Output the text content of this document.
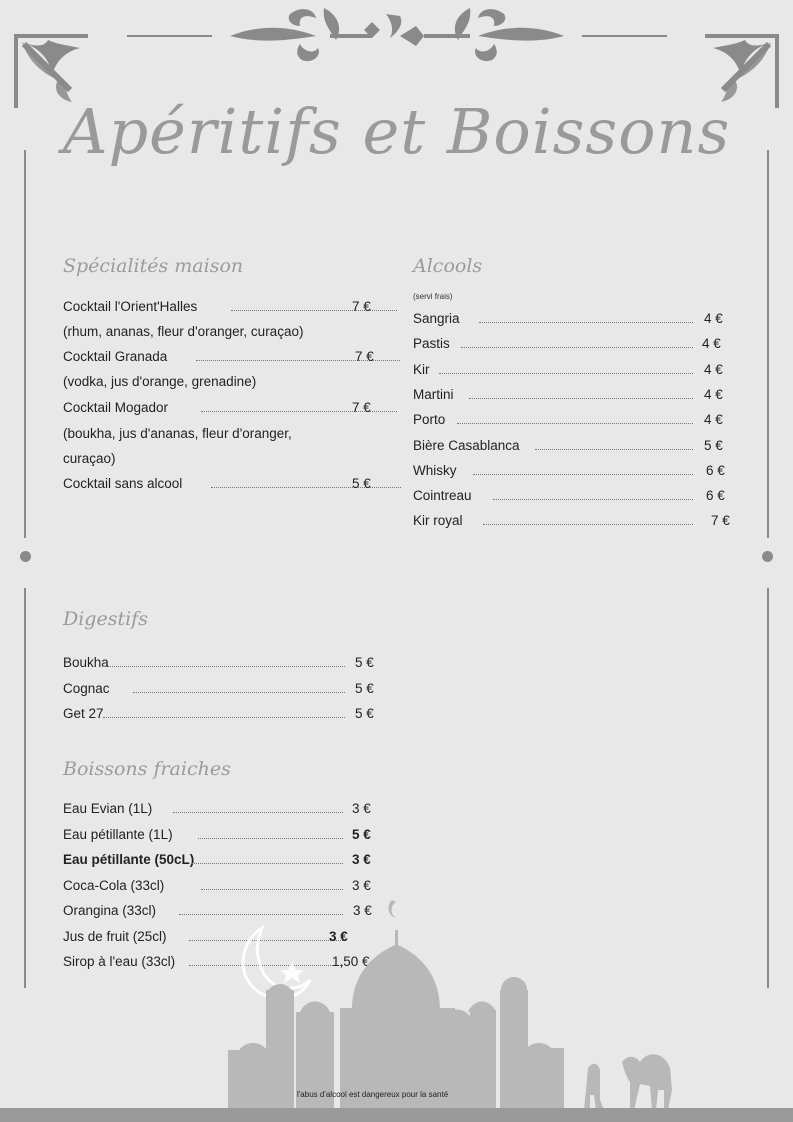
Apéritifs et Boissons
Spécialités maison
Cocktail l'Orient'Halles	7 €
(rhum, ananas, fleur d'oranger, curaçao)
Cocktail Granada	7 €
(vodka, jus d'orange, grenadine)
Cocktail Mogador	7 €
(boukha, jus d'ananas, fleur d'oranger,
curaçao)
Cocktail sans alcool	5 €
Alcools
(servi frais)
Sangria	4 €
Pastis	4 €
Kir	4 €
Martini	4 €
Porto	4 €
Bière Casablanca	5 €
Whisky	6 €
Cointreau	6 €
Kir royal	7 €
Digestifs
Boukha	5 €
Cognac	5 €
Get 27	5 €
Boissons fraiches
Eau Evian (1L)	3 €
Eau pétillante (1L)	5 €
Eau pétillante (50cL)	3 €
Coca-Cola (33cl)	3 €
Orangina (33cl)	3 €
Jus de fruit (25cl)	3 €
Sirop à l'eau (33cl)	1,50 €
l'abus d'alcool est dangereux pour la santé
